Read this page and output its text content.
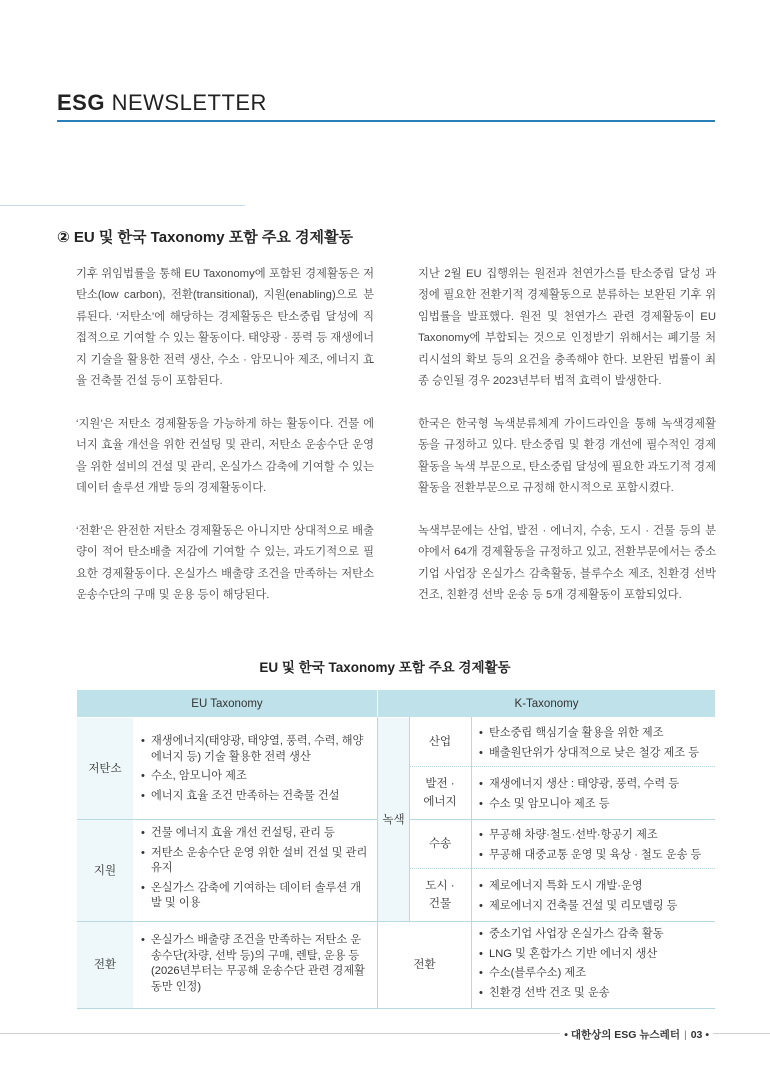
ESG NEWSLETTER
② EU 및 한국 Taxonomy 포함 주요 경제활동

기후 위임법률을 통해 EU Taxonomy에 포함된 경제활동은 저탄소(low carbon), 전환(transitional), 지원(enabling)으로 분류된다. ‘저탄소’에 해당하는 경제활동은 탄소중립 달성에 직접적으로 기여할 수 있는 활동이다. 태양광 · 풍력 등 재생에너지 기술을 활용한 전력 생산, 수소 · 암모니아 제조, 에너지 효율 건축물 건설 등이 포함된다.

‘지원’은 저탄소 경제활동을 가능하게 하는 활동이다. 건물 에너지 효율 개선을 위한 컨설팅 및 관리, 저탄소 운송수단 운영을 위한 설비의 건설 및 관리, 온실가스 감축에 기여할 수 있는 데이터 솔루션 개발 등의 경제활동이다.

‘전환’은 완전한 저탄소 경제활동은 아니지만 상대적으로 배출량이 적어 탄소배출 저감에 기여할 수 있는, 과도기적으로 필요한 경제활동이다. 온실가스 배출량 조건을 만족하는 저탄소 운송수단의 구매 및 운용 등이 해당된다.

지난 2월 EU 집행위는 원전과 천연가스를 탄소중립 달성 과정에 필요한 전환기적 경제활동으로 분류하는 보완된 기후 위임법률을 발표했다. 원전 및 천연가스 관련 경제활동이 EU Taxonomy에 부합되는 것으로 인정받기 위해서는 폐기물 처리시설의 확보 등의 요건을 충족해야 한다. 보완된 법률이 최종 승인될 경우 2023년부터 법적 효력이 발생한다.

한국은 한국형 녹색분류체계 가이드라인을 통해 녹색경제활동을 규정하고 있다. 탄소중립 및 환경 개선에 필수적인 경제활동을 녹색 부문으로, 탄소중립 달성에 필요한 과도기적 경제활동을 전환부문으로 규정해 한시적으로 포함시켰다.

녹색부문에는 산업, 발전 · 에너지, 수송, 도시 · 건물 등의 분야에서 64개 경제활동을 규정하고 있고, 전환부문에서는 중소기업 사업장 온실가스 감축활동, 블루수소 제조, 친환경 선박 건조, 친환경 선박 운송 등 5개 경제활동이 포함되었다.

EU 및 한국 Taxonomy 포함 주요 경제활동
EU Taxonomy	K-Taxonomy
저탄소
지원
전환
• 재생에너지(태양광, 태양열, 풍력, 수력, 해양에너지 등) 기술 활용한 전력 생산
• 수소, 암모니아 제조
• 에너지 효율 조건 만족하는 건축물 건설
• 건물 에너지 효율 개선 컨설팅, 관리 등
• 저탄소 운송수단 운영 위한 설비 건설 및 관리 유지
• 온실가스 감축에 기여하는 데이터 솔루션 개발 및 이용
• 온실가스 배출량 조건을 만족하는 저탄소 운송수단(차량, 선박 등)의 구매, 렌탈, 운용 등 (2026년부터는 무공해 운송수단 관련 경제활동만 인정)
녹색
산업
발전 · 에너지
수송
도시 · 건물
전환
• 탄소중립 핵심기술 활용을 위한 제조
• 배출원단위가 상대적으로 낮은 철강 제조 등
• 재생에너지 생산 : 태양광, 풍력, 수력 등
• 수소 및 암모니아 제조 등
• 무공해 차량·철도·선박·항공기 제조
• 무공해 대중교통 운영 및 육상 · 철도 운송 등
• 제로에너지 특화 도시 개발·운영
• 제로에너지 건축물 건설 및 리모델링 등
• 중소기업 사업장 온실가스 감축 활동
• LNG 및 혼합가스 기반 에너지 생산
• 수소(블루수소) 제조
• 친환경 선박 건조 및 운송
• 대한상의 ESG 뉴스레터 | 03 •
